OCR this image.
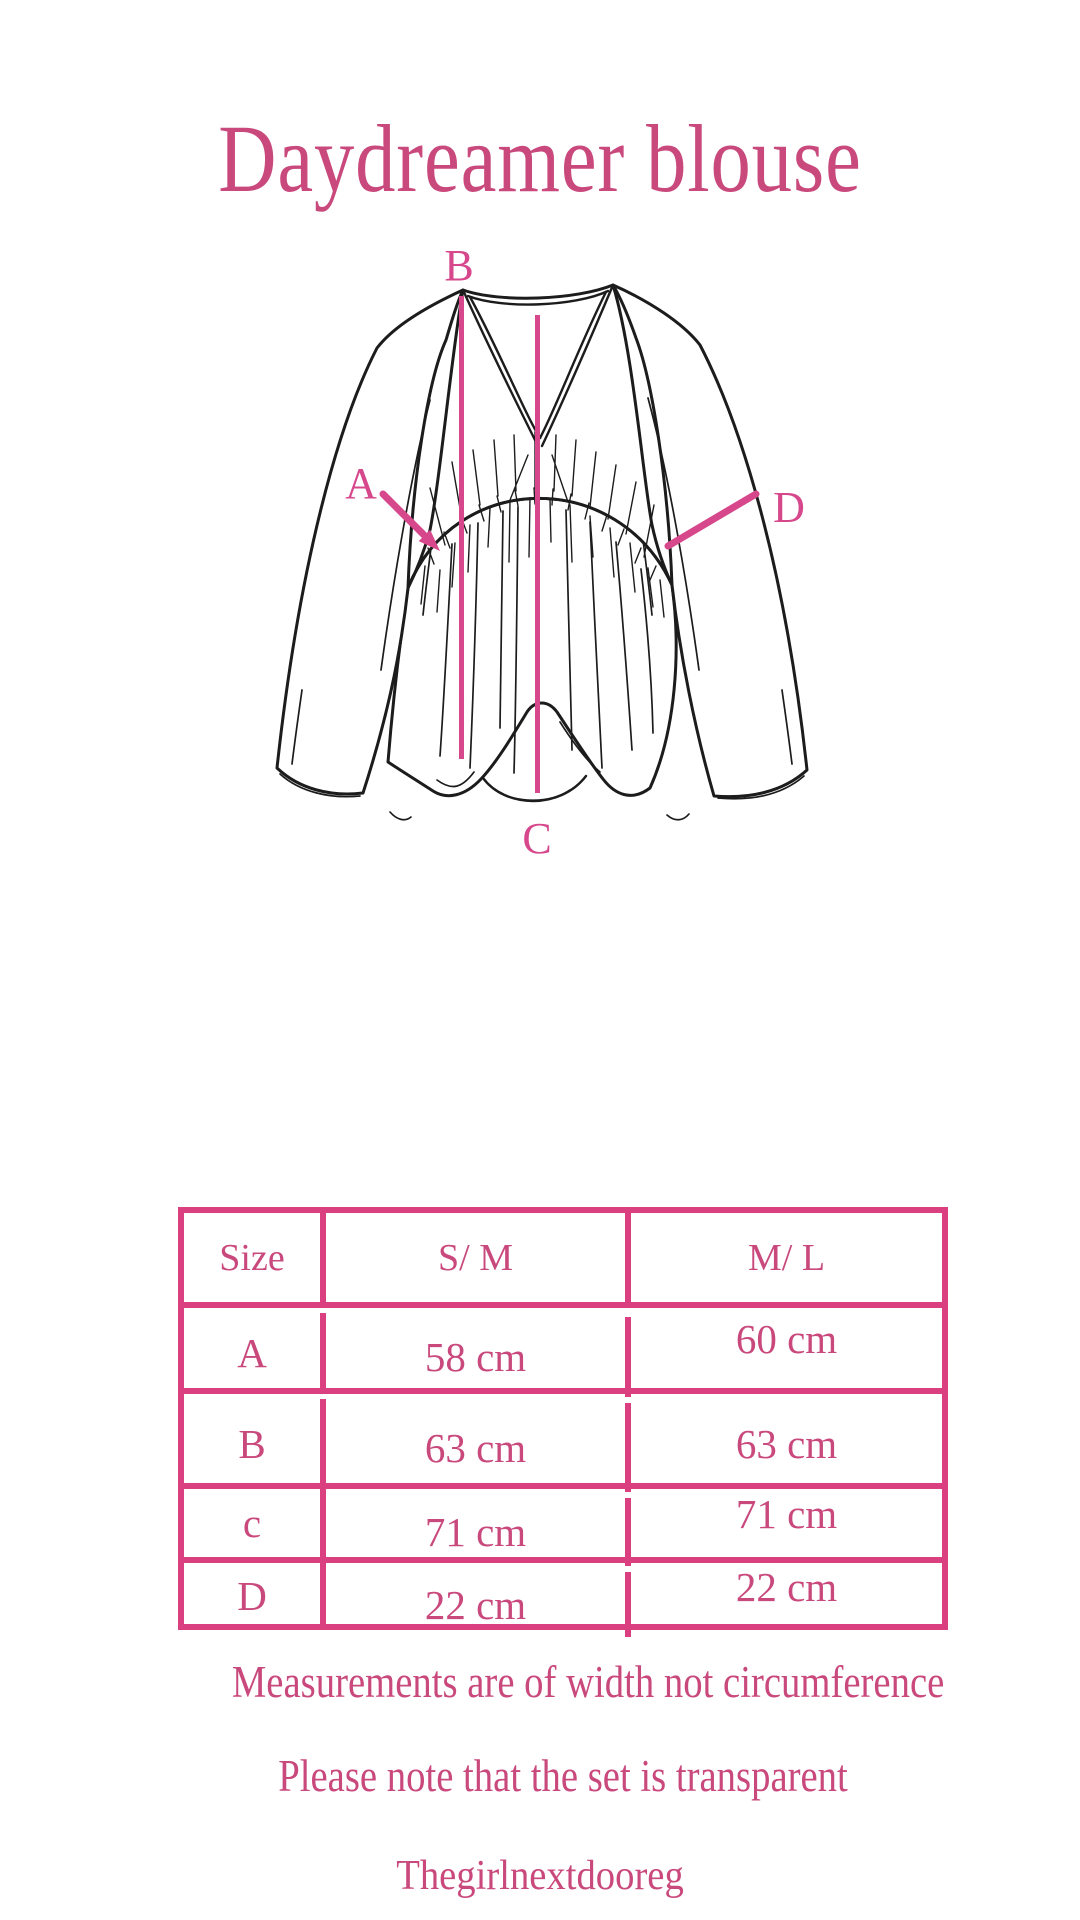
Daydreamer blouse
A
B
C
D
Size	S/ M	M/ L
A	58 cm	60 cm
B	63 cm	63 cm
c	71 cm	71 cm
D	22 cm	22 cm
Measurements are of width not circumference
Please note that the set is transparent
Thegirlnextdooreg
